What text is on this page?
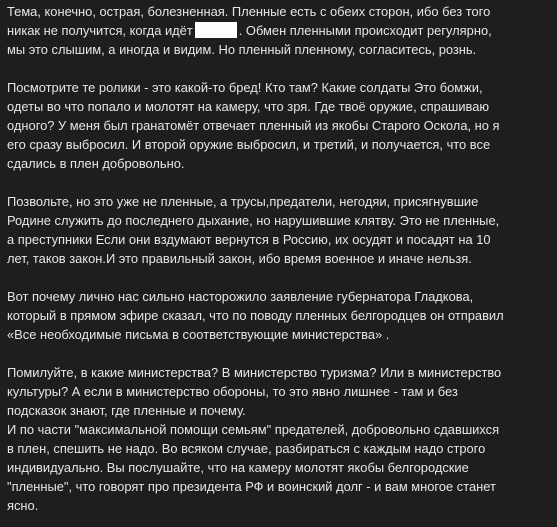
Тема, конечно, острая, болезненная. Пленные есть с обеих сторон, ибо без того
никак не получится, когда идёт	. Обмен пленными происходит регулярно,
мы это слышим, а иногда и видим. Но пленный пленному, согласитесь, рознь.
Посмотрите те ролики - это какой-то бред! Кто там? Какие солдаты Это бомжи,
одеты во что попало и молотят на камеру, что зря. Где твоё оружие, спрашиваю
одного? У меня был гранатомёт отвечает пленный из якобы Старого Оскола, но я
его сразу выбросил. И второй оружие выбросил, и третий, и получается, что все
сдались в плен добровольно.
Позвольте, но это уже не пленные, а трусы,предатели, негодяи, присягнувшие
Родине служить до последнего дыхание, но нарушившие клятву. Это не пленные,
а преступники Если они вздумают вернутся в Россию, их осудят и посадят на 10
лет, таков закон.И это правильный закон, ибо время военное и иначе нельзя.
Вот почему лично нас сильно насторожило заявление губернатора Гладкова,
который в прямом эфире сказал, что по поводу пленных белгородцев он отправил
«Все необходимые письма в соответствующие министерства» .
Помилуйте, в какие министерства? В министерство туризма? Или в министерство
культуры? А если в министерство обороны, то это явно лишнее - там и без
подсказок знают, где пленные и почему.
И по части "максимальной помощи семьям" предателей, добровольно сдавшихся
в плен, спешить не надо. Во всяком случае, разбираться с каждым надо строго
индивидуально. Вы послушайте, что на камеру молотят якобы белгородские
"пленные", что говорят про президента РФ и воинский долг - и вам многое станет
ясно.
